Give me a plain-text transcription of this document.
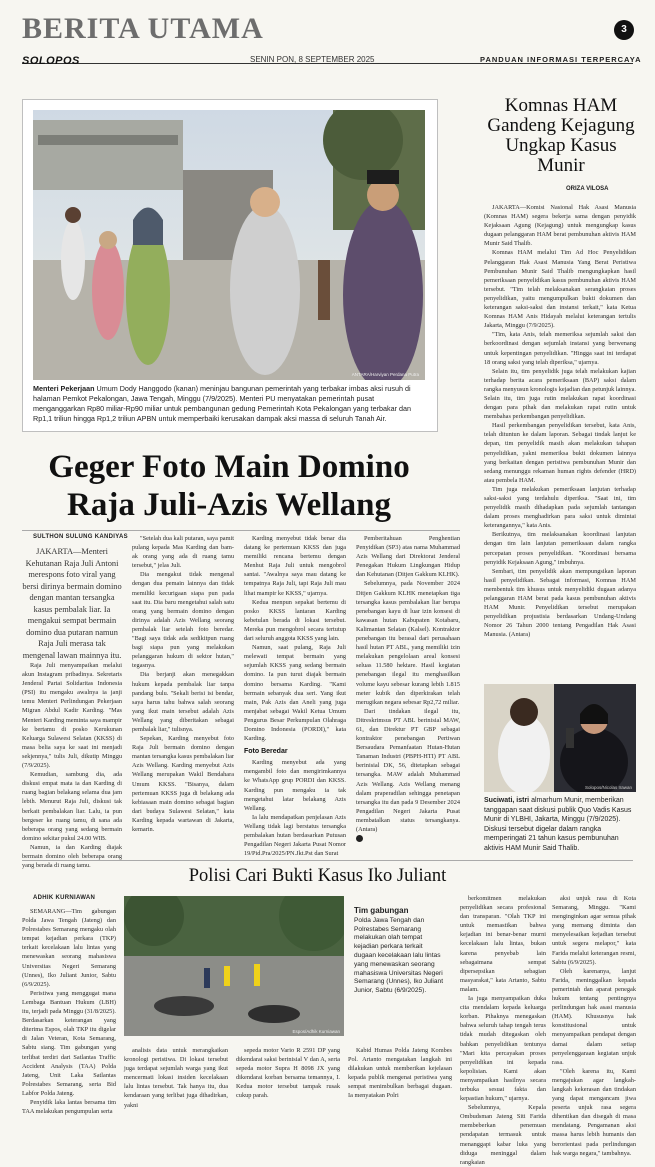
BERITA UTAMA	3
SOLOPOS	SENIN PON, 8 SEPTEMBER 2025	PANDUAN INFORMASI TERPERCAYA
ANTARA/Harviyan Perdana Putra
Menteri Pekerjaan Umum Dody Hanggodo (kanan) meninjau bangunan pemerintah yang terbakar imbas aksi rusuh di halaman Pemkot Pekalongan, Jawa Tengah, Minggu (7/9/2025). Menteri PU menyatakan pemerintah pusat menganggarkan Rp80 miliar-Rp90 miliar untuk pembangunan gedung Pemerintah Kota Pekalongan yang terbakar dan Rp1,1 triliun hingga Rp1,2 triliun APBN untuk memperbaiki kerusakan dampak aksi massa di seluruh Tanah Air.
Geger Foto Main Domino
Raja Juli-Azis Wellang
SULTHON SULUNG KANDIYAS
JAKARTA—Menteri Kehutanan Raja Juli Antoni merespons foto viral yang bersi dirinya bermain domino dengan mantan tersangka kasus pembalak liar. Ia mengakui sempat bermain domino dua putaran namun Raja Juli merasa tak mengenal lawan mainnya itu.

Raja Juli menyampaikan melalui akun Instagram pribadinya. Sekretaris Jenderal Partai Solidaritas Indonesia (PSI) itu mengaku awalnya ia janji temu Menteri Perlindungan Pekerjaan Migran Abdul Kadir Karding. "Mas Menteri Karding meminta saya mampir ke bertamu di posko Kerukunan Keluarga Sulawesi Selatan (KKSS) di masa belia saya ke saat ini menjadi sekjennya," tulis Juli, dikutip Minggu (7/9/2025).

Kemudian, sambung dia, ada diskusi empat mata ia dan Karding di ruang bagian belakang selama dua jam lebih. Menurut Raja Juli, diskusi tak berkait pembalakan liar. Lalu, ia pun bergeser ke ruang tamu, di sana ada beberapa orang yang sedang bermain domino sekitar pukul 24.00 WIB.

Namun, ia dan Karding diajak bermain domino oleh beberapa orang yang berada di ruang tamu.

"Setelah dua kali putaran, saya pamit pulang kepada Mas Karding dan bam-ak orang yang ada di ruang tamu tersebut," jelas Juli.

Dia mengakui tidak mengenal dengan dua pemain lainnya dan tidak memiliki kecurigaan siapa pun pada saat itu. Dia baru mengetahui salah satu orang yang bermain domino dengan dirinya adalah Azis Wellang seorang pembalak liar setelah foto beredar. "Bagi saya tidak ada sedikitpun ruang bagi siapa pun yang melakukan pelanggaran hukum di sektor hutan," tegasnya.

Dia berjanji akan menegakkan hukum kepada pembalak liar tanpa pandang bulu. "Sekali berisi isi bendar, saya harus tahu bahwa salah seorang yang ikut main tersebut adalah Azis Wellang yang diberitakan sebagai pembalak liar," tulisnya.

Sepekan, Karding menyebut foto Raja Juli bermain domino dengan mantan tersangka kasus pembalakan liar Azis Wellang. Karding menyebut Azis Wellang merupakan Wakil Bendahara Umum KKSS. "Bisanya, dalam pertemuan KKSS juga di belakang ada kebiasaan main domino sebagai bagian dari budaya Sulawesi Selatan," kata Karding kepada wartawan di Jakarta, kemarin.

Karding menyebut tidak benar dia datang ke pertemuan KKSS dan juga memiliki rencana bertemu dengan Menhut Raja Juli untuk mengobrol santai. "Awalnya saya mau datang ke tempatnya Raja Juli, tapi Raja Juli mau lihat mampir ke KKSS," ujarnya.

Kedua menpun sepakat bertemu di posko KKSS lantaran Karding kebetulan berada di lokasi tersebut. Mereka pun mengobrol secara tertutup dari seluruh anggota KKSS yang lain.

Namun, saat pulang, Raja Juli melewati tempat bermain yang sejumlah KKSS yang sedang bermain domino. Ia pun turut diajak bermain domino bersama Karding. "Kami bermain sebanyak dua seri. Yang ikut main, Pak Azis dan Aneli yang juga menjabat sebagai Wakil Ketua Umum Pengurus Besar Perkumpulan Olahraga Domino Indonesia (PORDI)," kata Karding.

Foto Beredar

Karding menyebut ada yang mengambil foto dan mengirimkannya ke WhatsApp grup PORDI dan KKSS. Karding pun mengaku ia tak mengetahui latar belakang Azis Wellang.

Ia lalu mendapatkan penjelasan Azis Wellang tidak lagi berstatus tersangka pembalakan hutan berdasarkan Putusan Pengadilan Negeri Jakarta Pusat Nomor 19/Pid.Pra/2025/PN.Jkt.Pst dan Surat

Pemberitahuan Penghentian Penyidikan (SP3) atas nama Muhammad Azis Wellang dari Direktorat Jenderal Penegakan Hukum Lingkungan Hidup dan Kehutanan (Ditjen Gakkum KLHK).

Sebelumnya, pada November 2024 Ditjen Gakkum KLHK menetapkan tiga tersangka kasus pembalakan liar berupa penebangan kayu di luar izin konsesi di kawasan hutan Kabupaten Kotabaru, Kalimantan Selatan (Kalsel). Kontraktor penebangan itu berasal dari perusahaan hasil hutan PT ABL, yang memiliki izin melakukan pengelolaan areal konsesi seluas 11.580 hektare. Hasil kegiatan penebangan ilegal itu menghasilkan volume kayu sebesar kurang lebih 1.815 meter kubik dan diperkirakan telah merugikan negara sebesar Rp2,72 miliar.

Dari tindakan ilegal itu, Ditreskrimsus PT ABL berinisial MAW, 61, dan Direktur PT GBP sebagai kontraktor penebangan Pertiwan Bersaudara Pemanfaatan Hutan-Hutan Tanaman Industri (PBPH-HTI) PT ABL berinisial DK, 56, ditetapkan sebagai tersangka. MAW adalah Muhammad Azis Wellang. Azis Wellang menang dalam praperadilan sehingga penetapan tersangka itu dan pada 9 Desember 2024 Pengadilan Negeri Jakarta Pusat membatalkan status tersangkanya. (Antara)

Komnas HAM Gandeng Kejagung Ungkap Kasus Munir
ORIZA VILOSA

JAKARTA—Komisi Nasional Hak Asasi Manusia (Komnas HAM) segera bekerja sama dengan penyidik Kejaksaan Agung (Kejagung) untuk mengungkap kasus dugaan pelanggaran HAM berat pembunuhan aktivis HAM Munir Said Thalib.

Komnas HAM melalui Tim Ad Hoc Penyelidikan Pelanggaran Hak Asasi Manusia Yang Berat Peristiwa Pembunuhan Munir Said Thalib mengungkapkan hasil pemeriksaan penyelidikan kasus pembunuhan aktivis HAM tersebut. "Tim telah melaksanakan serangkaian proses penyelidikan, yaitu mengumpulkan bukti dokumen dan keterangan saksi-saksi dan instansi terkait," kata Ketua Komnas HAM Anis Hidayah melalui keterangan tertulis Jakarta, Minggu (7/9/2025).

"Tim, kata Anis, telah memeriksa sejumlah saksi dan berkoordinasi dengan sejumlah instansi yang berwenang untuk kepentingan penyelidikan. "Hingga saat ini terdapat 18 orang saksi yang telah diperiksa," ujarnya.

Selain itu, tim penyelidik juga telah melakukan kajian terhadap berita acara pemeriksaan (BAP) saksi dalam rangka menyusun kronologis kejadian dan petunjuk lainnya. Selain itu, tim juga rutin melakukan rapat koordinasi dengan para pihak dan melakukan rapat rutin untuk membahas perkembangan penyelidikan.

Hasil perkembangan penyelidikan tersebut, kata Anis, telah dituntun ke dalam laporan. Sebagai tindak lanjut ke depan, tim penyelidik masih akan melakukan tahapan penyelidikan, yakni memeriksa bukti dokumen lainnya yang berkaitan dengan peristiwa pembunuhan Munir dan sedang menunggu rekaman human rights defender (HRD) atau pembela HAM.

Tim juga melakukan pemeriksaan lanjutan terhadap saksi-saksi yang terdahulu diperiksa. "Saat ini, tim penyelidik masih dihadapkan pada sejumlah tantangan dalam proses menghadirkan para saksi untuk dimintai keterangannya," kata Anis.

Berikutnya, tim melaksanakan koordinasi lanjutan dengan tim lain lanjutan pemeriksaan dalam rangka percepatan proses penyelidikan. "Koordinasi bersama penyidik Kejaksaan Agung," imbuhnya.

Sembari, tim penyelidik akan mempungsikan laporan hasil penyelidikan. Sebagai informasi, Komnas HAM membentuk tim khusus untuk menyelidiki dugaan adanya pelanggaran HAM berat pada kasus pembunuhan aktivis HAM Munir. Penyelidikan tersebut merupakan penyelidikan projustisia berdasarkan Undang-Undang Nomor 26 Tahun 2000 tentang Pengadilan Hak Asasi Manusia. (Antara)

Solopos/Nicolas Irawan
Suciwati, istri almarhum Munir, memberikan tanggapan saat diskusi publik Quo Vadis Kasus Munir di YLBHI, Jakarta, Minggu (7/9/2025). Diskusi tersebut digelar dalam rangka memperingati 21 tahun kasus pembunuhan aktivis HAM Munir Said Thalib.
Polisi Cari Bukti Kasus Iko Juliant
ADHIK KURNIAWAN

SEMARANG—Tim gabungan Polda Jawa Tengah (Jateng) dan Polrestabes Semarang mengaku olah tempat kejadian perkara (TKP) terkait kecelakaan lalu lintas yang menewaskan seorang mahasiswa Universitas Negeri Semarang (Unnes), Iko Juliant Junior, Sabtu (6/9/2025).

Peristiwa yang menggugat mana Lembaga Bantuan Hukum (LBH) itu, terjadi pada Minggu (31/8/2025). Berdasarkan keterangan yang diterima Espos, olah TKP itu digelar di Jalan Veteran, Kota Semarang, Sabtu siang. Tim gabungan yang terlibat terdiri dari Satlantas Traffic Accident Analysis (TAA) Polda Jateng, Unit Laka Satlantas Polrestabes Semarang, serta Bid Labfor Polda Jateng.

Penyidik laka lantas bersama tim TAA melakukan pengumpulan serta

Espos/Adhik Kurniawan
Tim gabungan
Polda Jawa Tengah dan Polrestabes Semarang melakukan olah tempat kejadian perkara terkait dugaan kecelakaan lalu lintas yang menewaskan seorang mahasiswa Universitas Negeri Semarang (Unnes), Iko Juliant Junior, Sabtu (6/9/2025).

analisis data untuk merangkaikan kronologi peristiwa. Di lokasi tersebut juga terdapat sejumlah warga yang ikut mencermati lokasi insiden kecelakaan lalu lintas tersebut. Tak hanya itu, dua kendaraan yang terlibat juga dihadirkan, yakni

sepeda motor Vario R 2591 DP yang dikendarai saksi berinisial V dan A, serta sepeda motor Supra H 8098 JX yang dikendarai korban bersama temannya, I. Kedua motor tersebut tampak rusak cukup parah.

Kabid Humas Polda Jateng Kombes Pol. Artanto mengatakan langkah ini dilakukan untuk memberikan kejelasan kepada publik mengenai peristiwa yang sempat menimbulkan berbagai dugaan. Ia menyatakan Polri

berkomitmen melakukan penyelidikan secara profesional dan transparan. "Olah TKP ini untuk memastikan bahwa kejadian ini benar-benar murni kecelakaan lalu lintas, bukan karena penyebab lain sebagaimana sempat dipersepsikan sebagian masyarakat," kata Artanto, Sabtu malam.

Ia juga menyampaikan duka cita mendalam kepada keluarga korban. Pihaknya menegaskan bahwa seluruh tahap tengah terus tidak mudah ditegaskan oleh bahkan penyelidikan tentunya "Mari kita percayakan proses penyelidikan ini kepada kepolisian. Kami akan menyampaikan hasilnya secara terbuka sesuai fakta dan kepastian hukum," ujarnya.

Sebelumnya, Kepala Ombudsman Jateng Siti Farida membeberkan penemuan pendapatan termasuk untuk menanggapi kabar luka yang diduga meninggal dalam rangkaian

aksi unjuk rasa di Kota Semarang, Minggu. "Kami menginginkan agar semua pihak yang memang diminta dan menyelesaikan kejadian tersebut untuk segera melapor," kata Farida melalui keterangan resmi, Sabtu (6/9/2025).

Oleh karenanya, lanjut Farida, meninggalkan kepada pemerintah dan aparat penegak hukum tentang pentingnya perlindungan hak asasi manusia (HAM). Khususnya hak konstitusional untuk menyampaikan pendapat dengan damai dalam setiap penyelenggaraan kegiatan unjuk rasa.

"Oleh karena itu, Kami mengajukan agar langkah-langkah kekerasan dan tindakan yang dapat mengancam jiwa peserta unjuk rasa segera dihentikan dan disegah di masa mendatang. Pengamanan aksi massa harus lebih humanis dan berorientasi pada perlindungan hak warga negara," tambahnya.
